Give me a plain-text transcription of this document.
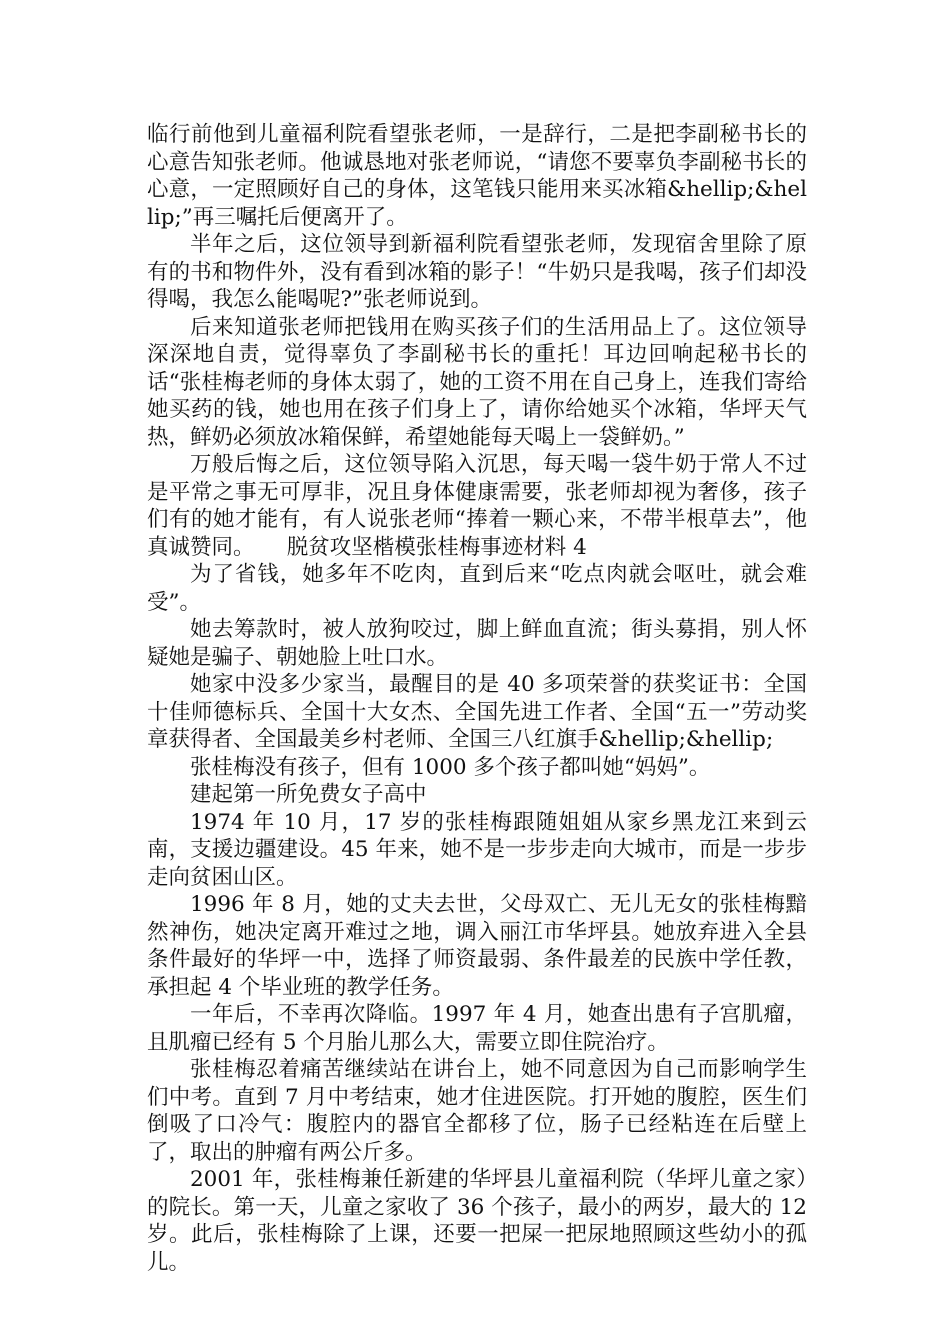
临行前他到儿童福利院看望张老师，一是辞行，二是把李副秘书长的心意告知张老师。他诚恳地对张老师说，“请您不要辜负李副秘书长的心意，一定照顾好自己的身体，这笔钱只能用来买冰箱&hellip;&hellip;”再三嘱托后便离开了。

半年之后，这位领导到新福利院看望张老师，发现宿舍里除了原有的书和物件外，没有看到冰箱的影子！“牛奶只是我喝，孩子们却没得喝，我怎么能喝呢?”张老师说到。

后来知道张老师把钱用在购买孩子们的生活用品上了。这位领导深深地自责，觉得辜负了李副秘书长的重托！耳边回响起秘书长的话“张桂梅老师的身体太弱了，她的工资不用在自己身上，连我们寄给她买药的钱，她也用在孩子们身上了，请你给她买个冰箱，华坪天气热，鲜奶必须放冰箱保鲜，希望她能每天喝上一袋鲜奶。”

万般后悔之后，这位领导陷入沉思，每天喝一袋牛奶于常人不过是平常之事无可厚非，况且身体健康需要，张老师却视为奢侈，孩子们有的她才能有，有人说张老师“捧着一颗心来，不带半根草去”，他真诚赞同。　　脱贫攻坚楷模张桂梅事迹材料 4

为了省钱，她多年不吃肉，直到后来“吃点肉就会呕吐，就会难受”。

她去筹款时，被人放狗咬过，脚上鲜血直流；街头募捐，别人怀疑她是骗子、朝她脸上吐口水。

她家中没多少家当，最醒目的是 40 多项荣誉的获奖证书：全国十佳师德标兵、全国十大女杰、全国先进工作者、全国“五一”劳动奖章获得者、全国最美乡村老师、全国三八红旗手&hellip;&hellip;

张桂梅没有孩子，但有 1000 多个孩子都叫她“妈妈”。

建起第一所免费女子高中

1974 年 10 月，17 岁的张桂梅跟随姐姐从家乡黑龙江来到云南，支援边疆建设。45 年来，她不是一步步走向大城市，而是一步步走向贫困山区。

1996 年 8 月，她的丈夫去世，父母双亡、无儿无女的张桂梅黯然神伤，她决定离开难过之地，调入丽江市华坪县。她放弃进入全县条件最好的华坪一中，选择了师资最弱、条件最差的民族中学任教，承担起 4 个毕业班的教学任务。

一年后，不幸再次降临。1997 年 4 月，她查出患有子宫肌瘤，且肌瘤已经有 5 个月胎儿那么大，需要立即住院治疗。

张桂梅忍着痛苦继续站在讲台上，她不同意因为自己而影响学生们中考。直到 7 月中考结束，她才住进医院。打开她的腹腔，医生们倒吸了口冷气：腹腔内的器官全都移了位，肠子已经粘连在后壁上了，取出的肿瘤有两公斤多。

2001 年，张桂梅兼任新建的华坪县儿童福利院（华坪儿童之家）的院长。第一天，儿童之家收了 36 个孩子，最小的两岁，最大的 12 岁。此后，张桂梅除了上课，还要一把屎一把尿地照顾这些幼小的孤儿。
